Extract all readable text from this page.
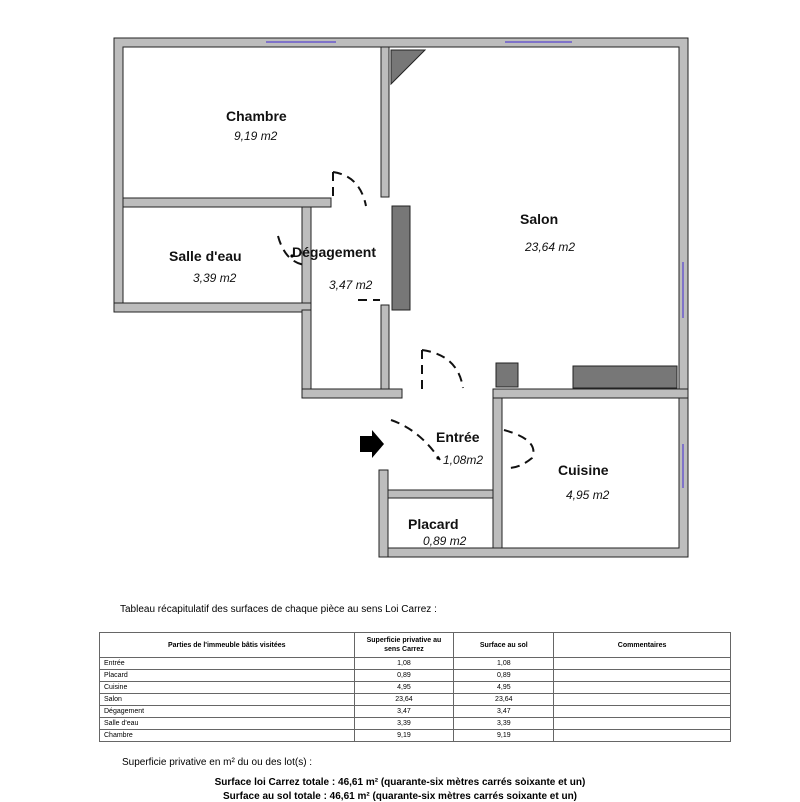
Chambre
9,19 m2
Salle d'eau
3,39 m2
Dégagement
3,47 m2
Salon
23,64 m2
Entrée
1,08m2
Cuisine
4,95 m2
Placard
0,89 m2
Tableau récapitulatif des surfaces de chaque pièce au sens Loi Carrez :
Parties de l'immeuble bâtis visitées	Superficie privative au sens Carrez	Surface au sol	Commentaires
Entrée	1,08	1,08	
Placard	0,89	0,89	
Cuisine	4,95	4,95	
Salon	23,64	23,64	
Dégagement	3,47	3,47	
Salle d'eau	3,39	3,39	
Chambre	9,19	9,19	
Superficie privative en m² du ou des lot(s) :
Surface loi Carrez totale : 46,61 m² (quarante-six mètres carrés soixante et un)
Surface au sol totale : 46,61 m² (quarante-six mètres carrés soixante et un)
